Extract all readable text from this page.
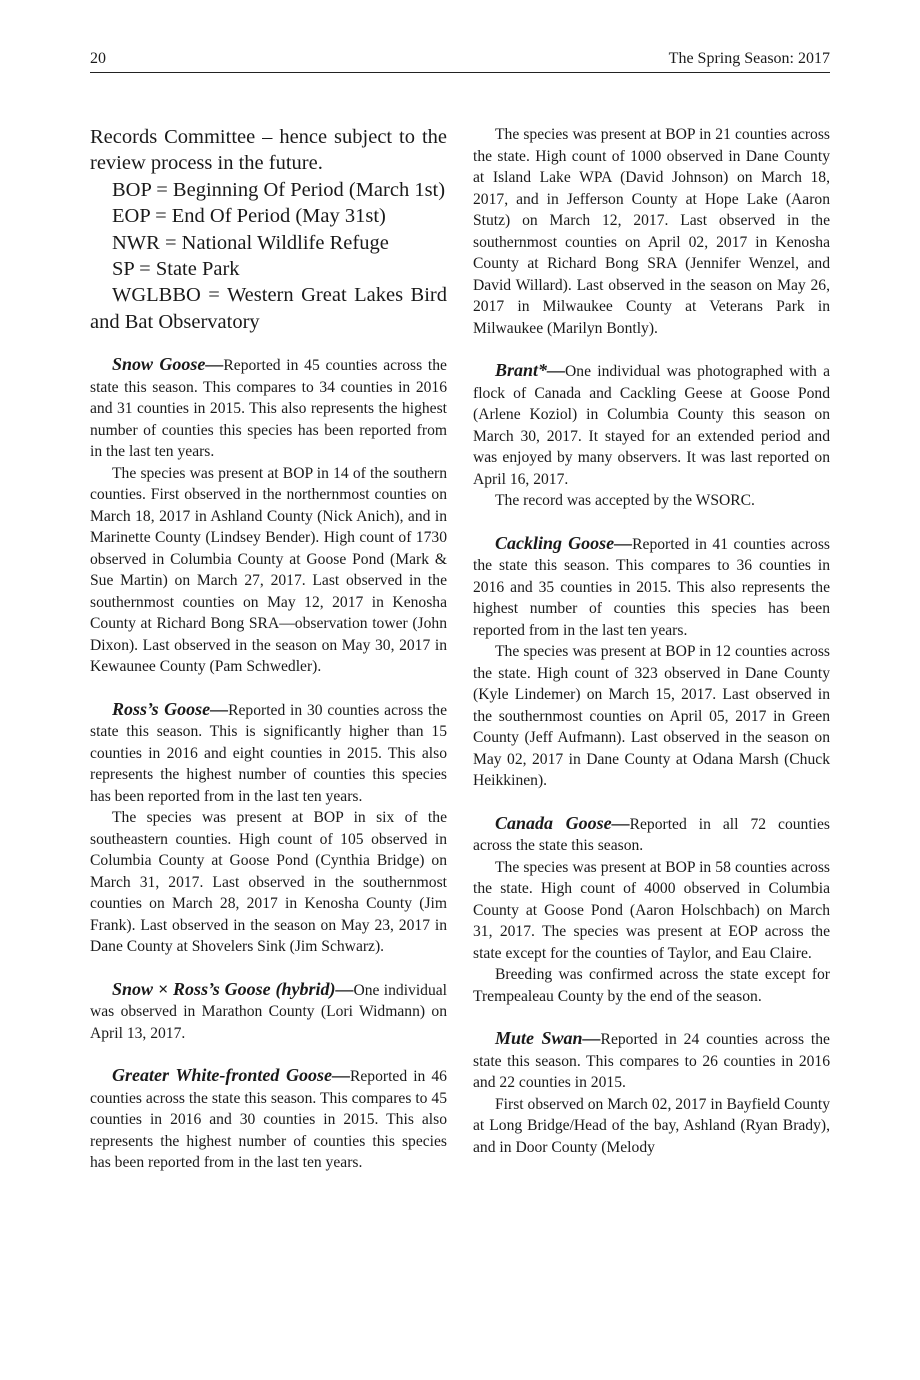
20	The Spring Season: 2017

Records Committee – hence subject to the review process in the future.

BOP = Beginning Of Period (March 1st)

EOP = End Of Period (May 31st)

NWR = National Wildlife Refuge

SP = State Park

WGLBBO = Western Great Lakes Bird and Bat Observatory

Snow Goose—Reported in 45 counties across the state this season. This compares to 34 counties in 2016 and 31 counties in 2015. This also represents the highest number of counties this species has been reported from in the last ten years.

The species was present at BOP in 14 of the southern counties. First observed in the northernmost counties on March 18, 2017 in Ashland County (Nick Anich), and in Marinette County (Lindsey Bender). High count of 1730 observed in Columbia County at Goose Pond (Mark & Sue Martin) on March 27, 2017. Last observed in the southernmost counties on May 12, 2017 in Kenosha County at Richard Bong SRA—observation tower (John Dixon). Last observed in the season on May 30, 2017 in Kewaunee County (Pam Schwedler).

Ross’s Goose—Reported in 30 counties across the state this season. This is significantly higher than 15 counties in 2016 and eight counties in 2015. This also represents the highest number of counties this species has been reported from in the last ten years.

The species was present at BOP in six of the southeastern counties. High count of 105 observed in Columbia County at Goose Pond (Cynthia Bridge) on March 31, 2017. Last observed in the southernmost counties on March 28, 2017 in Kenosha County (Jim Frank). Last observed in the season on May 23, 2017 in Dane County at Shovelers Sink (Jim Schwarz).

Snow × Ross’s Goose (hybrid)—One individual was observed in Marathon County (Lori Widmann) on April 13, 2017.

Greater White-fronted Goose—Reported in 46 counties across the state this season. This compares to 45 counties in 2016 and 30 counties in 2015. This also represents the highest number of counties this species has been reported from in the last ten years.

The species was present at BOP in 21 counties across the state. High count of 1000 observed in Dane County at Island Lake WPA (David Johnson) on March 18, 2017, and in Jefferson County at Hope Lake (Aaron Stutz) on March 12, 2017. Last observed in the southernmost counties on April 02, 2017 in Kenosha County at Richard Bong SRA (Jennifer Wenzel, and David Willard). Last observed in the season on May 26, 2017 in Milwaukee County at Veterans Park in Milwaukee (Marilyn Bontly).

Brant*—One individual was photographed with a flock of Canada and Cackling Geese at Goose Pond (Arlene Koziol) in Columbia County this season on March 30, 2017. It stayed for an extended period and was enjoyed by many observers. It was last reported on April 16, 2017.

The record was accepted by the WSORC.

Cackling Goose—Reported in 41 counties across the state this season. This compares to 36 counties in 2016 and 35 counties in 2015. This also represents the highest number of counties this species has been reported from in the last ten years.

The species was present at BOP in 12 counties across the state. High count of 323 observed in Dane County (Kyle Lindemer) on March 15, 2017. Last observed in the southernmost counties on April 05, 2017 in Green County (Jeff Aufmann). Last observed in the season on May 02, 2017 in Dane County at Odana Marsh (Chuck Heikkinen).

Canada Goose—Reported in all 72 counties across the state this season.

The species was present at BOP in 58 counties across the state. High count of 4000 observed in Columbia County at Goose Pond (Aaron Holschbach) on March 31, 2017. The species was present at EOP across the state except for the counties of Taylor, and Eau Claire.

Breeding was confirmed across the state except for Trempealeau County by the end of the season.

Mute Swan—Reported in 24 counties across the state this season. This compares to 26 counties in 2016 and 22 counties in 2015.

First observed on March 02, 2017 in Bayfield County at Long Bridge/Head of the bay, Ashland (Ryan Brady), and in Door County (Melody
